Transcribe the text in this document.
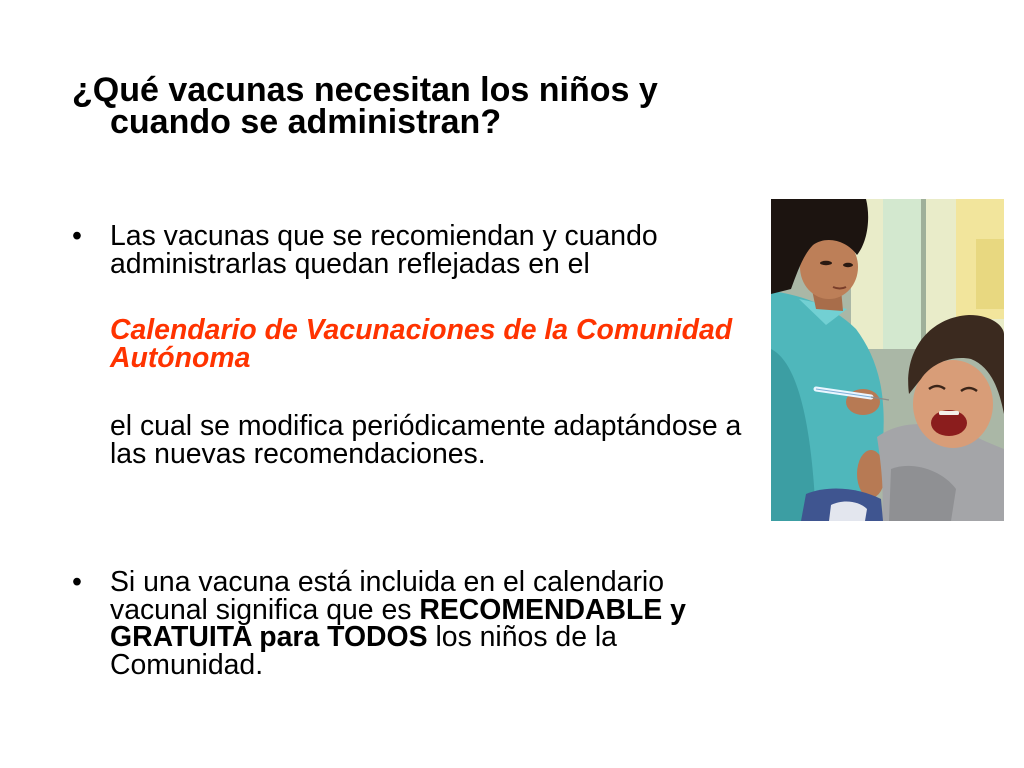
¿Qué vacunas necesitan los niños y cuando se administran?
• Las vacunas que se recomiendan y cuando administrarlas quedan reflejadas en el

Calendario de Vacunaciones de la Comunidad Autónoma

el cual se modifica periódicamente adaptándose a las nuevas recomendaciones.

• Si una vacuna está incluida en el calendario vacunal significa que es RECOMENDABLE y GRATUITA para TODOS los niños de la Comunidad.
